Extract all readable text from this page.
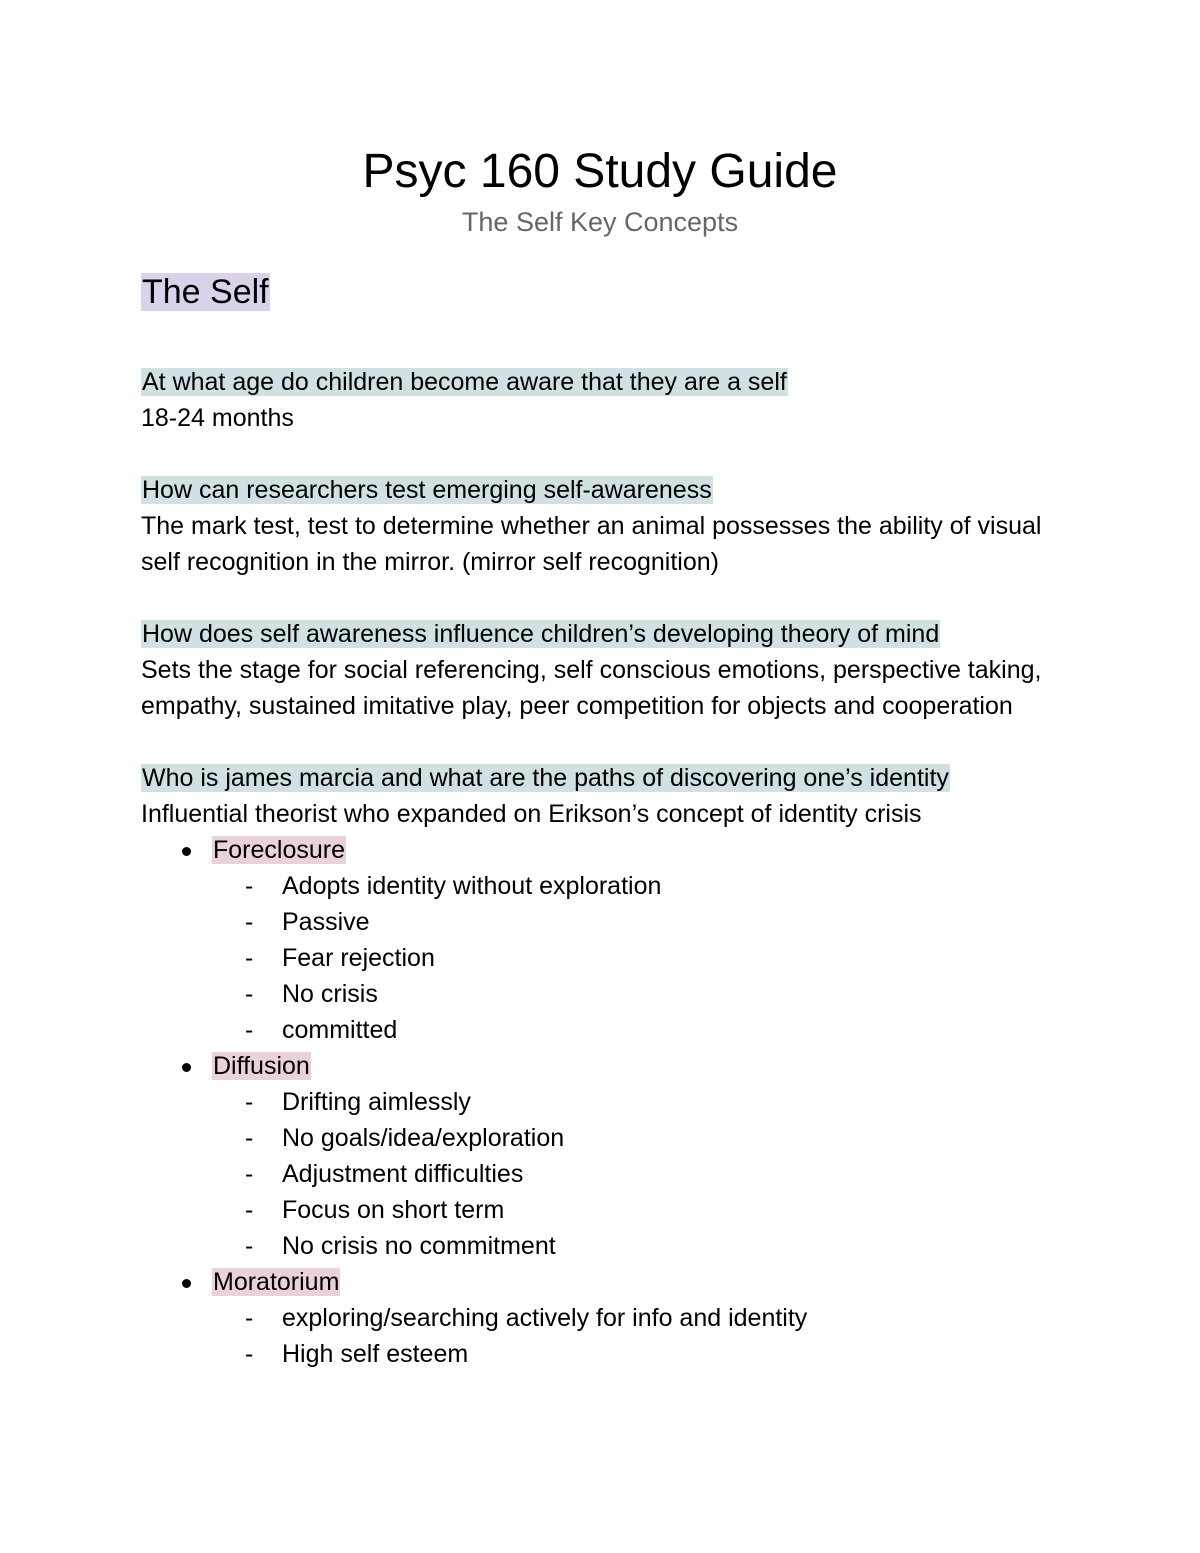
Psyc 160 Study Guide

The Self Key Concepts

The Self
At what age do children become aware that they are a self
18-24 months
How can researchers test emerging self-awareness
The mark test, test to determine whether an animal possesses the ability of visual self recognition in the mirror. (mirror self recognition)
How does self awareness influence children’s developing theory of mind
Sets the stage for social referencing, self conscious emotions, perspective taking, empathy, sustained imitative play, peer competition for objects and cooperation
Who is james marcia and what are the paths of discovering one’s identity
Influential theorist who expanded on Erikson’s concept of identity crisis
Foreclosure
- Adopts identity without exploration
- Passive
- Fear rejection
- No crisis
- committed
Diffusion
- Drifting aimlessly
- No goals/idea/exploration
- Adjustment difficulties
- Focus on short term
- No crisis no commitment
Moratorium
- exploring/searching actively for info and identity
- High self esteem
